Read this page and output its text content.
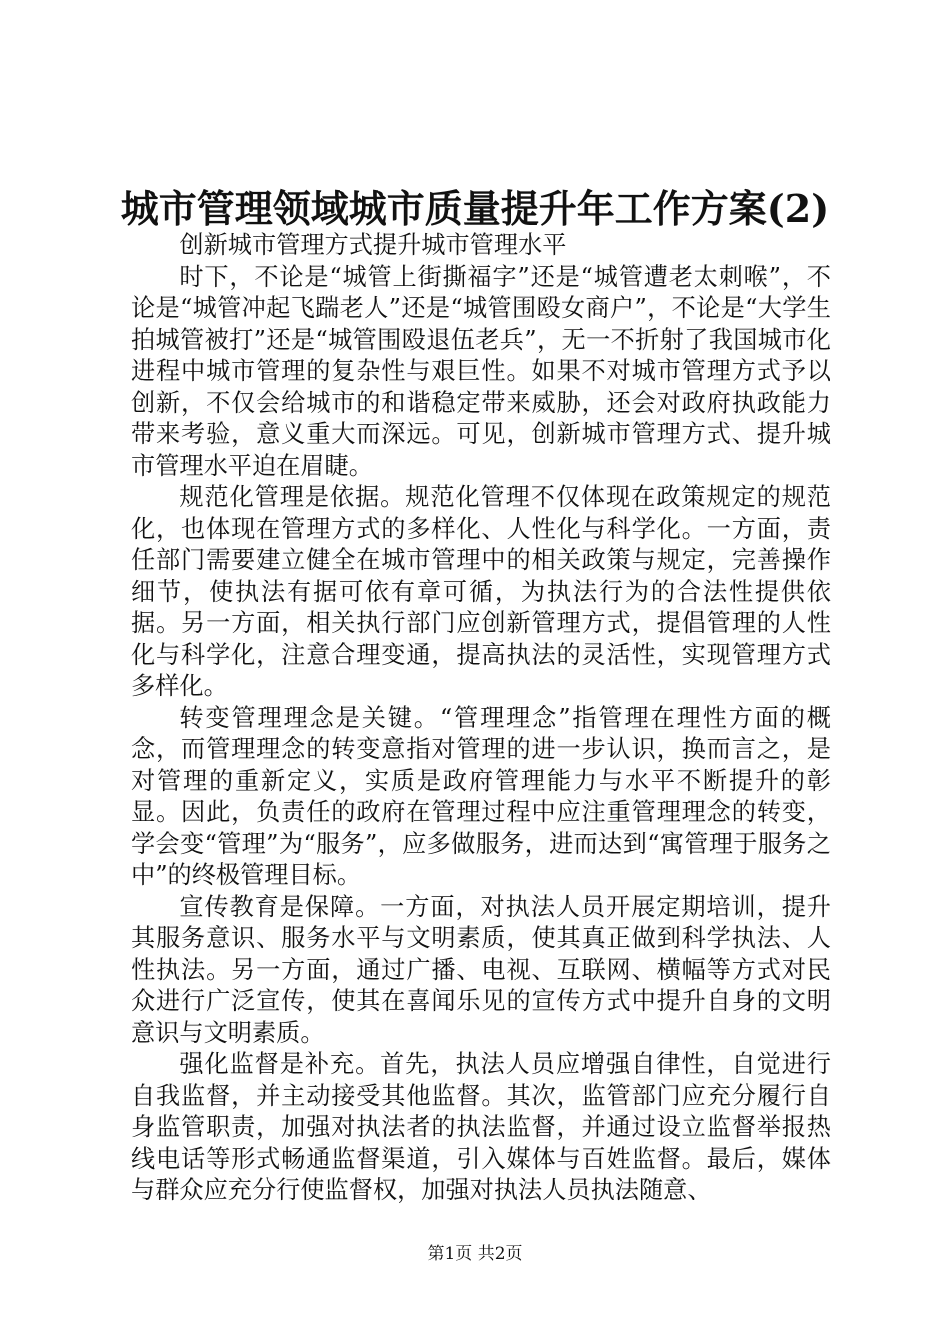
城市管理领域城市质量提升年工作方案(2)

创新城市管理方式提升城市管理水平

时下，不论是“城管上街撕福字”还是“城管遭老太刺喉”，不论是“城管冲起飞踹老人”还是“城管围殴女商户”，不论是“大学生拍城管被打”还是“城管围殴退伍老兵”，无一不折射了我国城市化进程中城市管理的复杂性与艰巨性。如果不对城市管理方式予以创新，不仅会给城市的和谐稳定带来威胁，还会对政府执政能力带来考验，意义重大而深远。可见，创新城市管理方式、提升城市管理水平迫在眉睫。

规范化管理是依据。规范化管理不仅体现在政策规定的规范化，也体现在管理方式的多样化、人性化与科学化。一方面，责任部门需要建立健全在城市管理中的相关政策与规定，完善操作细节，使执法有据可依有章可循，为执法行为的合法性提供依据。另一方面，相关执行部门应创新管理方式，提倡管理的人性化与科学化，注意合理变通，提高执法的灵活性，实现管理方式多样化。

转变管理理念是关键。“管理理念”指管理在理性方面的概念，而管理理念的转变意指对管理的进一步认识，换而言之，是对管理的重新定义，实质是政府管理能力与水平不断提升的彰显。因此，负责任的政府在管理过程中应注重管理理念的转变，学会变“管理”为“服务”，应多做服务，进而达到“寓管理于服务之中”的终极管理目标。

宣传教育是保障。一方面，对执法人员开展定期培训，提升其服务意识、服务水平与文明素质，使其真正做到科学执法、人性执法。另一方面，通过广播、电视、互联网、横幅等方式对民众进行广泛宣传，使其在喜闻乐见的宣传方式中提升自身的文明意识与文明素质。

强化监督是补充。首先，执法人员应增强自律性，自觉进行自我监督，并主动接受其他监督。其次，监管部门应充分履行自身监管职责，加强对执法者的执法监督，并通过设立监督举报热线电话等形式畅通监督渠道，引入媒体与百姓监督。最后，媒体与群众应充分行使监督权，加强对执法人员执法随意、

第1页 共2页
